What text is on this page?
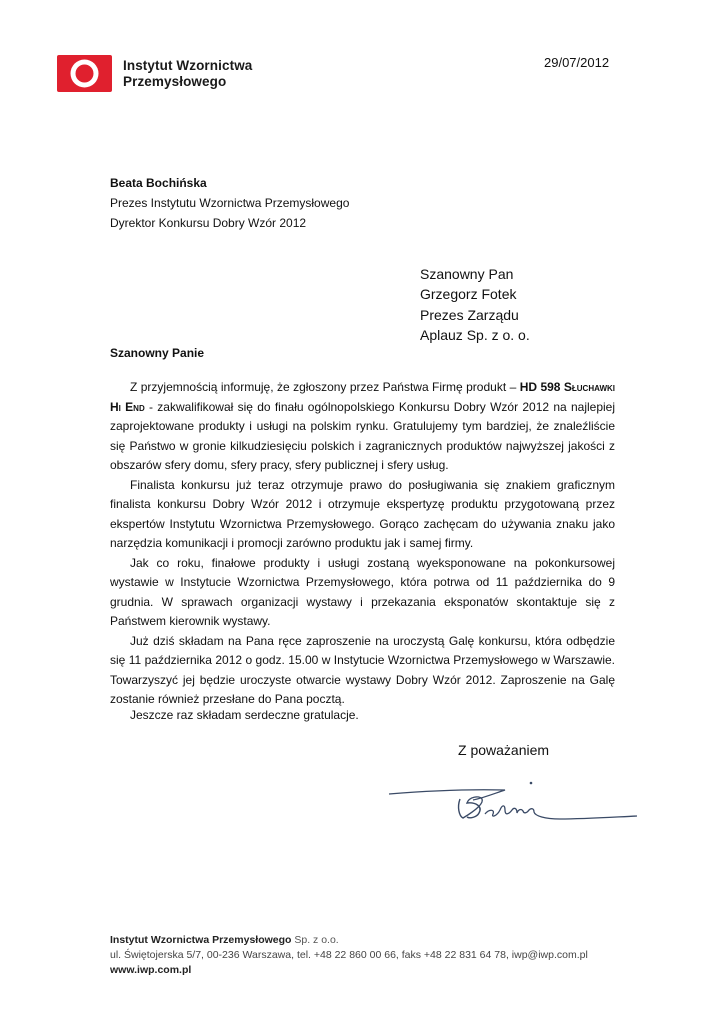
Instytut Wzornictwa
Przemysłowego
29/07/2012
Beata Bochińska
Prezes Instytutu Wzornictwa Przemysłowego
Dyrektor Konkursu Dobry Wzór 2012
Szanowny Pan
Grzegorz Fotek
Prezes Zarządu
Aplauz Sp. z o. o.
Szanowny Panie

Z przyjemnością informuję, że zgłoszony przez Państwa Firmę produkt – HD 598 Słuchawki Hi End - zakwalifikował się do finału ogólnopolskiego Konkursu Dobry Wzór 2012 na najlepiej zaprojektowane produkty i usługi na polskim rynku. Gratulujemy tym bardziej, że znaleźliście się Państwo w gronie kilkudziesięciu polskich i zagranicznych produktów najwyższej jakości z obszarów sfery domu, sfery pracy, sfery publicznej i sfery usług.

Finalista konkursu już teraz otrzymuje prawo do posługiwania się znakiem graficznym finalista konkursu Dobry Wzór 2012 i otrzymuje ekspertyzę produktu przygotowaną przez ekspertów Instytutu Wzornictwa Przemysłowego. Gorąco zachęcam do używania znaku jako narzędzia komunikacji i promocji zarówno produktu jak i samej firmy.

Jak co roku, finałowe produkty i usługi zostaną wyeksponowane na pokonkursowej wystawie w Instytucie Wzornictwa Przemysłowego, która potrwa od 11 października do 9 grudnia. W sprawach organizacji wystawy i przekazania eksponatów skontaktuje się z Państwem kierownik wystawy.

Już dziś składam na Pana ręce zaproszenie na uroczystą Galę konkursu, która odbędzie się 11 października 2012 o godz. 15.00 w Instytucie Wzornictwa Przemysłowego w Warszawie. Towarzyszyć jej będzie uroczyste otwarcie wystawy Dobry Wzór 2012. Zaproszenie na Galę zostanie również przesłane do Pana pocztą.

Jeszcze raz składam serdeczne gratulacje.
Z poważaniem
Instytut Wzornictwa Przemysłowego Sp. z o.o.
ul. Świętojerska 5/7, 00-236 Warszawa, tel. +48 22 860 00 66, faks +48 22 831 64 78, iwp@iwp.com.pl
www.iwp.com.pl
